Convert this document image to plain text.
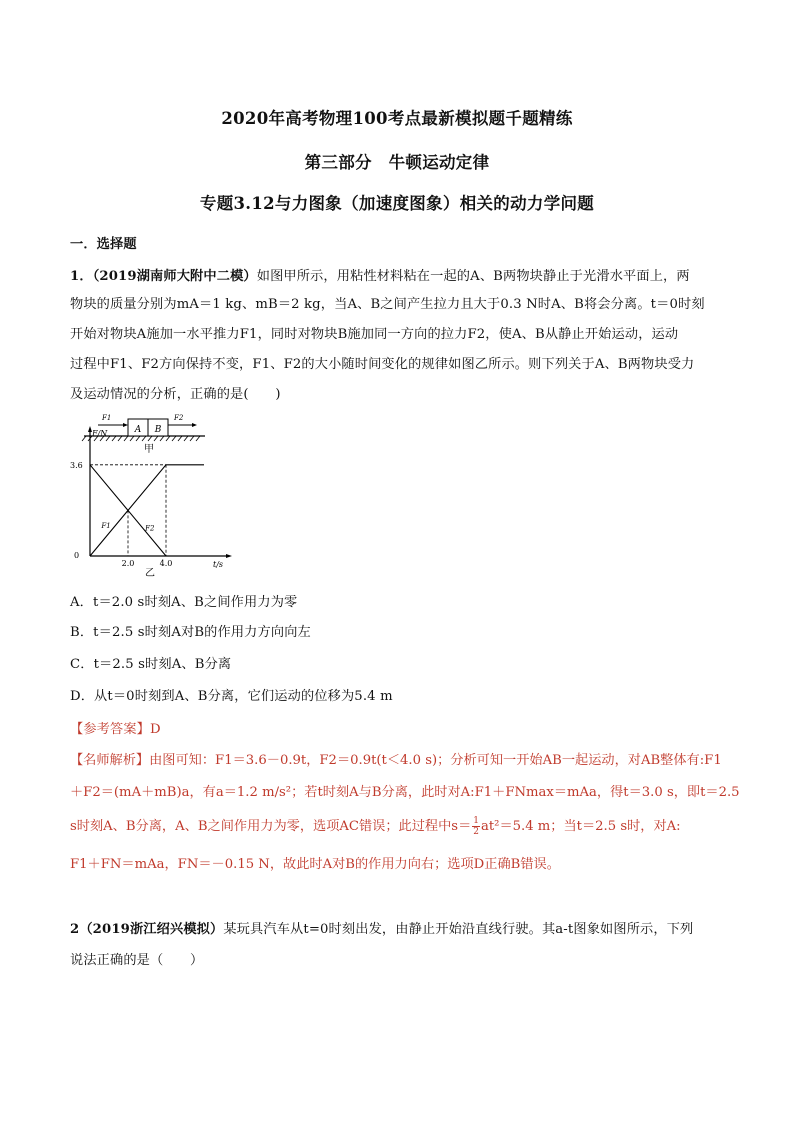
2020年高考物理100考点最新模拟题千题精练
第三部分　牛顿运动定律
专题3.12与力图象（加速度图象）相关的动力学问题
一．选择题
1．（2019湖南师大附中二模）如图甲所示，用粘性材料粘在一起的A、B两物块静止于光滑水平面上，两
物块的质量分别为mA＝1 kg、mB＝2 kg，当A、B之间产生拉力且大于0.3 N时A、B将会分离。t＝0时刻
开始对物块A施加一水平推力F1，同时对物块B施加同一方向的拉力F2，使A、B从静止开始运动，运动
过程中F1、F2方向保持不变，F1、F2的大小随时间变化的规律如图乙所示。则下列关于A、B两物块受力
及运动情况的分析，正确的是(　　)
A B
F1	F2
甲
F/N
t/s
F1	F2
0
3.6
2.0	4.0
乙
A．t＝2.0 s时刻A、B之间作用力为零
B．t＝2.5 s时刻A对B的作用力方向向左
C．t＝2.5 s时刻A、B分离
D．从t＝0时刻到A、B分离，它们运动的位移为5.4 m
【参考答案】D
【名师解析】由图可知：F1＝3.6－0.9t，F2＝0.9t(t＜4.0 s)；分析可知一开始AB一起运动，对AB整体有:F1
＋F2＝(mA＋mB)a，有a＝1.2 m/s²；若t时刻A与B分离，此时对A:F1＋FNmax＝mAa，得t＝3.0 s，即t＝2.5
s时刻A、B分离，A、B之间作用力为零，选项AC错误；此过程中$s= \frac{1}{2} at^2=5.4$ m；当t＝2.5 s时，对A:
F1＋FN＝mAa，FN＝－0.15 N，故此时A对B的作用力向右；选项D正确B错误。
2（2019浙江绍兴模拟）某玩具汽车从t=0时刻出发，由静止开始沿直线行驶。其a-t图象如图所示，下列
说法正确的是（　　）
